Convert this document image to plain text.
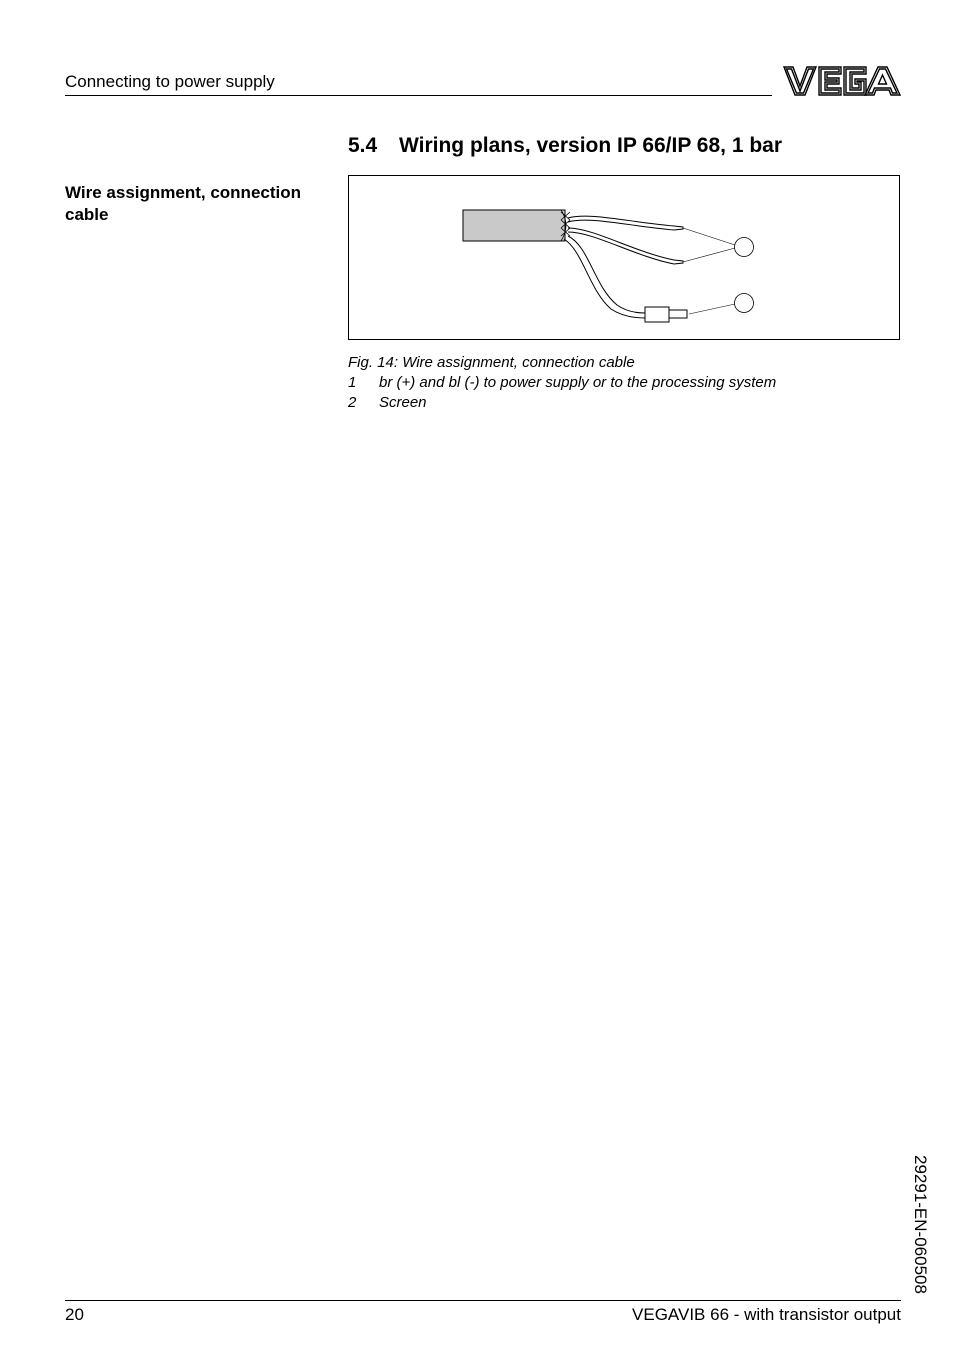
Connecting to power supply
5.4 Wiring plans, version IP 66/IP 68, 1 bar
Wire assignment, connection cable
Fig. 14: Wire assignment, connection cable
1 br (+) and bl (-) to power supply or to the processing system
2 Screen
29291-EN-060508
20	VEGAVIB 66 - with transistor output
